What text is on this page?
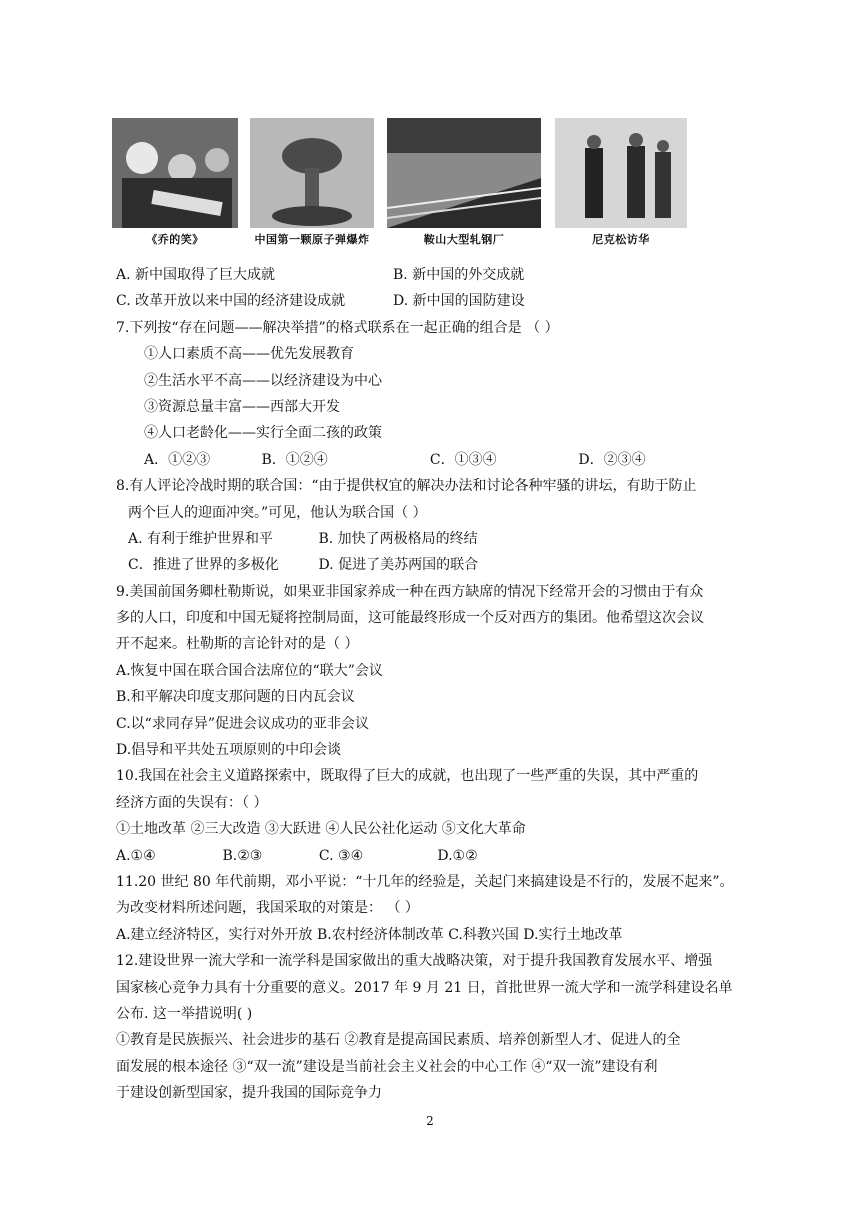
《乔的笑》	中国第一颗原子弹爆炸	鞍山大型轧钢厂	尼克松访华
A. 新中国取得了巨大成就	B. 新中国的外交成就
C. 改革开放以来中国的经济建设成就	D. 新中国的国防建设
7.下列按“存在问题——解决举措”的格式联系在一起正确的组合是 （ ）
①人口素质不高——优先发展教育
②生活水平不高——以经济建设为中心
③资源总量丰富——西部大开发
④人口老龄化——实行全面二孩的政策
A．①②③	B．①②④	C．①③④	D．②③④
8.有人评论冷战时期的联合国：“由于提供权宜的解决办法和讨论各种牢骚的讲坛，有助于防止
两个巨人的迎面冲突。”可见，他认为联合国（ ）
A. 有利于维护世界和平	B. 加快了两极格局的终结
C．推进了世界的多极化	D. 促进了美苏两国的联合
9.美国前国务卿杜勒斯说，如果亚非国家养成一种在西方缺席的情况下经常开会的习惯由于有众
多的人口，印度和中国无疑将控制局面，这可能最终形成一个反对西方的集团。他希望这次会议
开不起来。杜勒斯的言论针对的是（ ）
A.恢复中国在联合国合法席位的“联大”会议
B.和平解决印度支那问题的日内瓦会议
C.以“求同存异”促进会议成功的亚非会议
D.倡导和平共处五项原则的中印会谈
10.我国在社会主义道路探索中，既取得了巨大的成就，也出现了一些严重的失误，其中严重的
经济方面的失误有：（ ）
①土地改革 ②三大改造 ③大跃进 ④人民公社化运动 ⑤文化大革命
A.①④	B.②③	C. ③④	D.①②
11.20 世纪 80 年代前期，邓小平说：“十几年的经验是，关起门来搞建设是不行的，发展不起来”。
为改变材料所述问题，我国采取的对策是： （ ）
A.建立经济特区，实行对外开放 B.农村经济体制改革 C.科教兴国 D.实行土地改革
12.建设世界一流大学和一流学科是国家做出的重大战略决策，对于提升我国教育发展水平、增强
国家核心竞争力具有十分重要的意义。2017 年 9 月 21 日，首批世界一流大学和一流学科建设名单
公布. 这一举措说明( )
①教育是民族振兴、社会进步的基石 ②教育是提高国民素质、培养创新型人才、促进人的全
面发展的根本途径 ③“双一流”建设是当前社会主义社会的中心工作 ④“双一流”建设有利
于建设创新型国家，提升我国的国际竞争力
2
